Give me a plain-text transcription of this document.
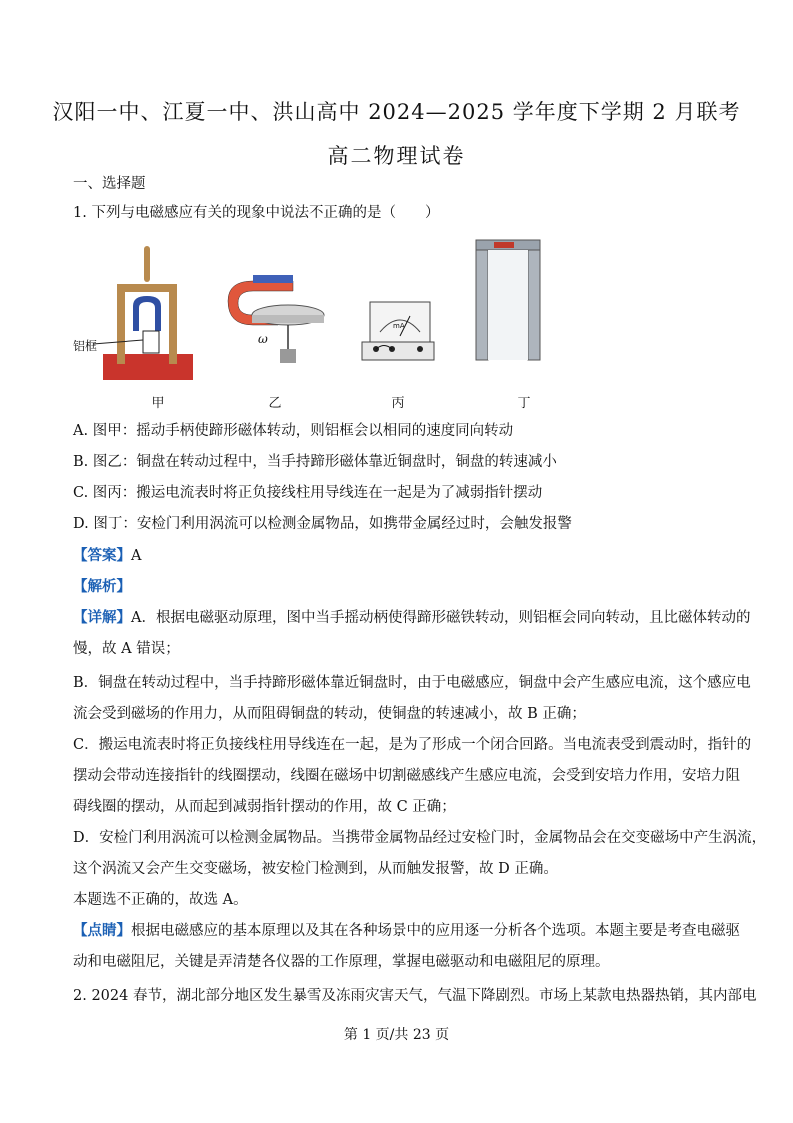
汉阳一中、江夏一中、洪山高中 2024—2025 学年度下学期 2 月联考
高二物理试卷
一、选择题
1. 下列与电磁感应有关的现象中说法不正确的是（　　）
铝框	ω
mA
甲	乙	丙	丁
A. 图甲：摇动手柄使蹄形磁体转动，则铝框会以相同的速度同向转动
B. 图乙：铜盘在转动过程中，当手持蹄形磁体靠近铜盘时，铜盘的转速减小
C. 图丙：搬运电流表时将正负接线柱用导线连在一起是为了减弱指针摆动
D. 图丁：安检门利用涡流可以检测金属物品，如携带金属经过时，会触发报警
【答案】A
【解析】
【详解】A．根据电磁驱动原理，图中当手摇动柄使得蹄形磁铁转动，则铝框会同向转动，且比磁体转动的
慢，故 A 错误；
B．铜盘在转动过程中，当手持蹄形磁体靠近铜盘时，由于电磁感应，铜盘中会产生感应电流，这个感应电
流会受到磁场的作用力，从而阻碍铜盘的转动，使铜盘的转速减小，故 B 正确；
C．搬运电流表时将正负接线柱用导线连在一起，是为了形成一个闭合回路。当电流表受到震动时，指针的
摆动会带动连接指针的线圈摆动，线圈在磁场中切割磁感线产生感应电流，会受到安培力作用，安培力阻
碍线圈的摆动，从而起到减弱指针摆动的作用，故 C 正确；
D．安检门利用涡流可以检测金属物品。当携带金属物品经过安检门时，金属物品会在交变磁场中产生涡流，
这个涡流又会产生交变磁场，被安检门检测到，从而触发报警，故 D 正确。
本题选不正确的，故选 A。
【点睛】根据电磁感应的基本原理以及其在各种场景中的应用逐一分析各个选项。本题主要是考查电磁驱
动和电磁阻尼，关键是弄清楚各仪器的工作原理，掌握电磁驱动和电磁阻尼的原理。
2. 2024 春节，湖北部分地区发生暴雪及冻雨灾害天气，气温下降剧烈。市场上某款电热器热销，其内部电
第 1 页/共 23 页
